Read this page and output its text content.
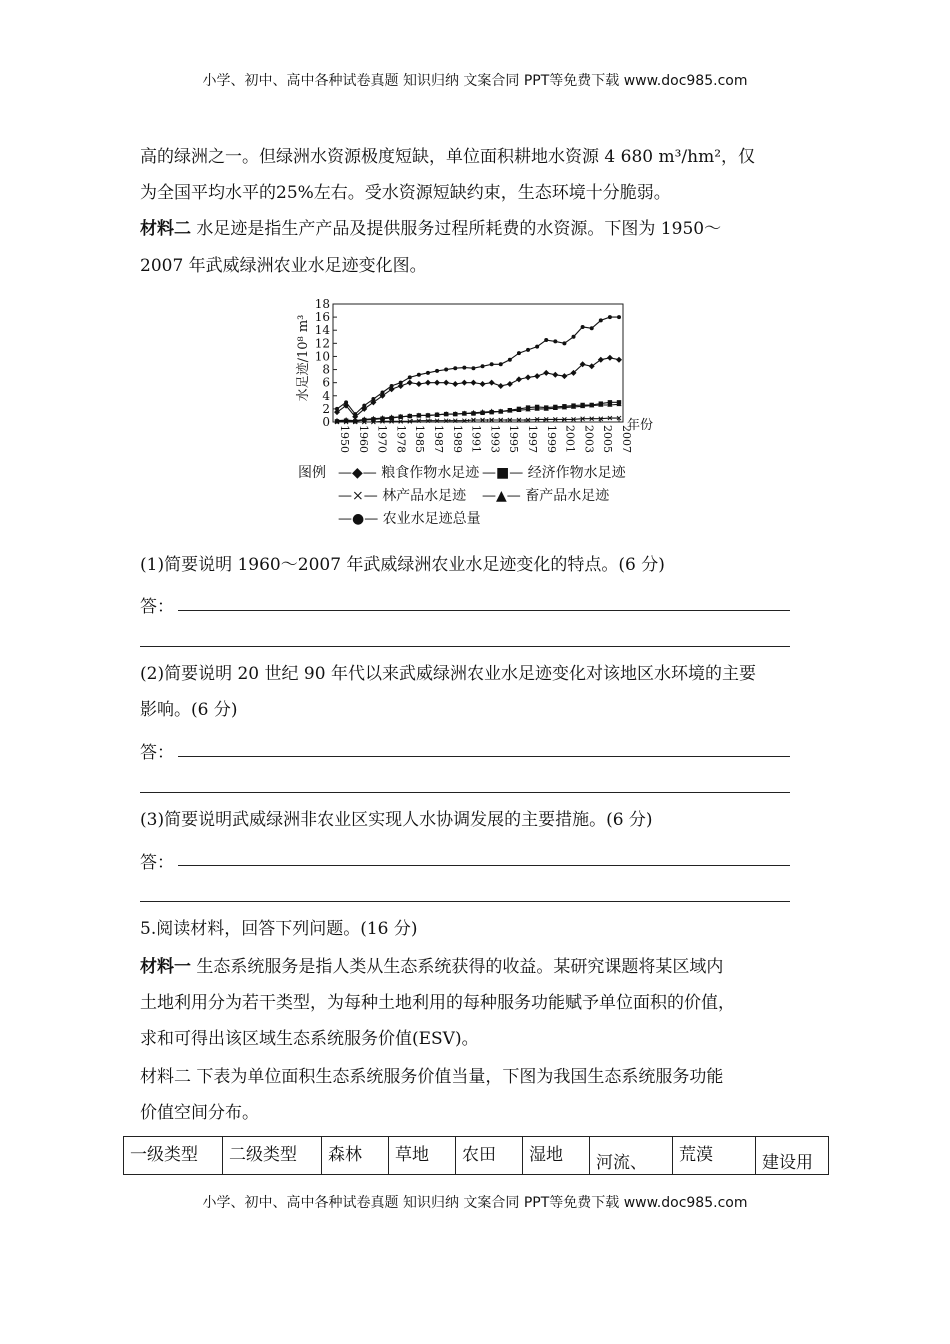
小学、初中、高中各种试卷真题 知识归纳 文案合同 PPT等免费下载 www.doc985.com
高的绿洲之一。但绿洲水资源极度短缺，单位面积耕地水资源 4 680 m³/hm²，仅
为全国平均水平的25%左右。受水资源短缺约束，生态环境十分脆弱。
材料二 水足迹是指生产产品及提供服务过程所耗费的水资源。下图为 1950～
2007 年武威绿洲农业水足迹变化图。
水足迹/10⁸ m³
0
2
4
6
8
10
12
14
16
18
1950 1960 1970 1978 1985 1987 1989 1991 1993 1995 1997 1999 2001 2003 2005 2007
年份
图例 —◆— 粮食作物水足迹 —■— 经济作物水足迹
—×— 林产品水足迹 —▲— 畜产品水足迹
—●— 农业水足迹总量
(1)简要说明 1960～2007 年武威绿洲农业水足迹变化的特点。(6 分)
答：
(2)简要说明 20 世纪 90 年代以来武威绿洲农业水足迹变化对该地区水环境的主要
影响。(6 分)
答：
(3)简要说明武威绿洲非农业区实现人水协调发展的主要措施。(6 分)
答：
5.阅读材料，回答下列问题。(16 分)
材料一 生态系统服务是指人类从生态系统获得的收益。某研究课题将某区域内
土地利用分为若干类型，为每种土地利用的每种服务功能赋予单位面积的价值，
求和可得出该区域生态系统服务价值(ESV)。
材料二 下表为单位面积生态系统服务价值当量，下图为我国生态系统服务功能
价值空间分布。
一级类型	二级类型	森林	草地	农田	湿地	河流、	荒漠	建设用
小学、初中、高中各种试卷真题 知识归纳 文案合同 PPT等免费下载 www.doc985.com
